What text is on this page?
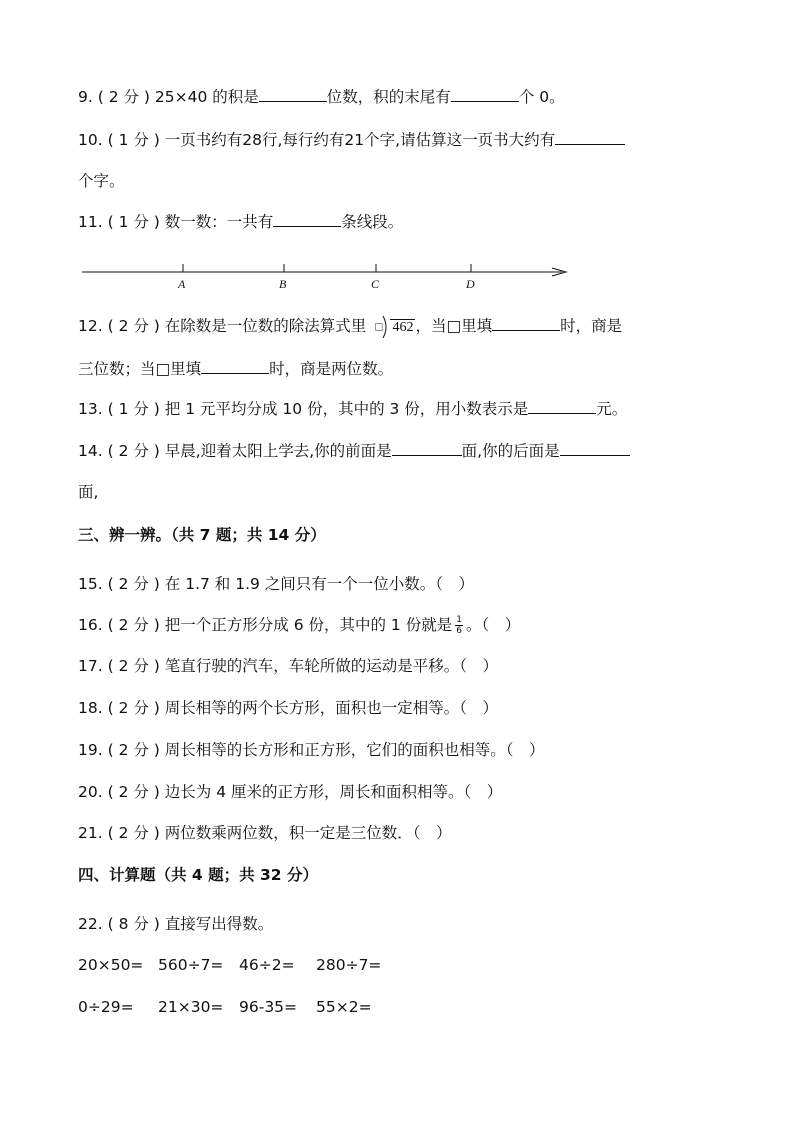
9. ( 2 分 ) 25×40 的积是	位数，积的末尾有	个 0。
10. ( 1 分 ) 一页书约有28行,每行约有21个字,请估算这一页书大约有
个字。
11. ( 1 分 ) 数一数：一共有	条线段。
A	B	C	D
12. ( 2 分 ) 在除数是一位数的除法算式里 □ 462 ，当□里填	时，商是
三位数；当□里填	时，商是两位数。
13. ( 1 分 ) 把 1 元平均分成 10 份，其中的 3 份，用小数表示是	元。
14. ( 2 分 ) 早晨,迎着太阳上学去,你的前面是	面,你的后面是
面,
三、辨一辨。（共 7 题；共 14 分）
15. ( 2 分 ) 在 1.7 和 1.9 之间只有一个一位小数。（　）
16. ( 2 分 ) 把一个正方形分成 6 份，其中的 1 份就是 $\frac{1}{6}$ 。（　）
17. ( 2 分 ) 笔直行驶的汽车，车轮所做的运动是平移。（　）
18. ( 2 分 ) 周长相等的两个长方形，面积也一定相等。（　）
19. ( 2 分 ) 周长相等的长方形和正方形，它们的面积也相等。（　）
20. ( 2 分 ) 边长为 4 厘米的正方形，周长和面积相等。（　）
21. ( 2 分 ) 两位数乘两位数，积一定是三位数．（　）
四、计算题（共 4 题；共 32 分）
22. ( 8 分 ) 直接写出得数。
20×50= 560÷7= 46÷2= 280÷7=
0÷29= 21×30= 96-35= 55×2=
